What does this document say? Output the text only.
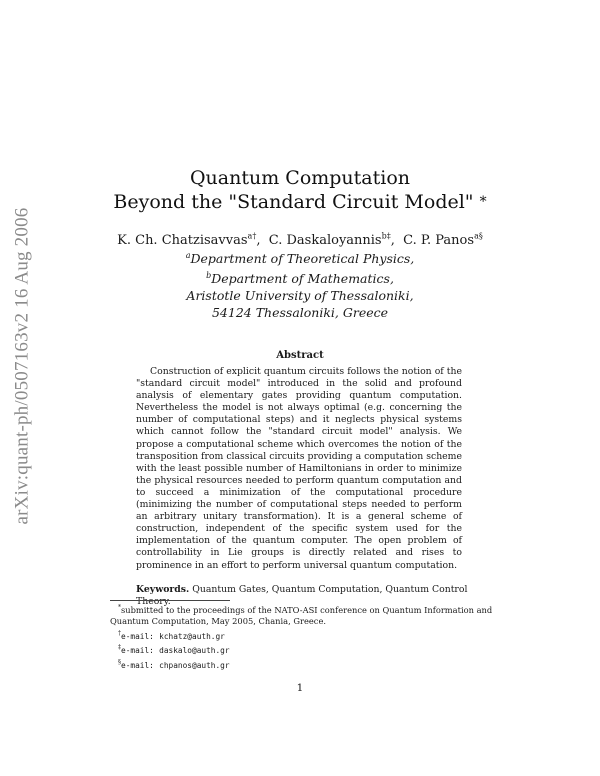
arXiv:quant-ph/0507163v2 16 Aug 2006
Quantum Computation
Beyond the "Standard Circuit Model" *
K. Ch. Chatzisavvas$^{a\dagger}$, C. Daskaloyannis$^{b\ddagger}$, C. P. Panos$^{a\S}$
$^a$Department of Theoretical Physics,
$^b$Department of Mathematics,
Aristotle University of Thessaloniki,
54124 Thessaloniki, Greece
Abstract
Construction of explicit quantum circuits follows the notion of the "standard circuit model" introduced in the solid and profound analysis of elementary gates providing quantum computation. Nevertheless the model is not always optimal (e.g. concerning the number of computational steps) and it neglects physical systems which cannot follow the "standard circuit model" analysis. We propose a computational scheme which overcomes the notion of the transposition from classical circuits providing a computation scheme with the least possible number of Hamiltonians in order to minimize the physical resources needed to perform quantum computation and to succeed a minimization of the computational procedure (minimizing the number of computational steps needed to perform an arbitrary unitary transformation). It is a general scheme of construction, independent of the specific system used for the implementation of the quantum computer. The open problem of controllability in Lie groups is directly related and rises to prominence in an effort to perform universal quantum computation.
Keywords. Quantum Gates, Quantum Computation, Quantum Control Theory.
*submitted to the proceedings of the NATO-ASI conference on Quantum Information and Quantum Computation, May 2005, Chania, Greece.
†e-mail: kchatz@auth.gr
‡e-mail: daskalo@auth.gr
§e-mail: chpanos@auth.gr
1
